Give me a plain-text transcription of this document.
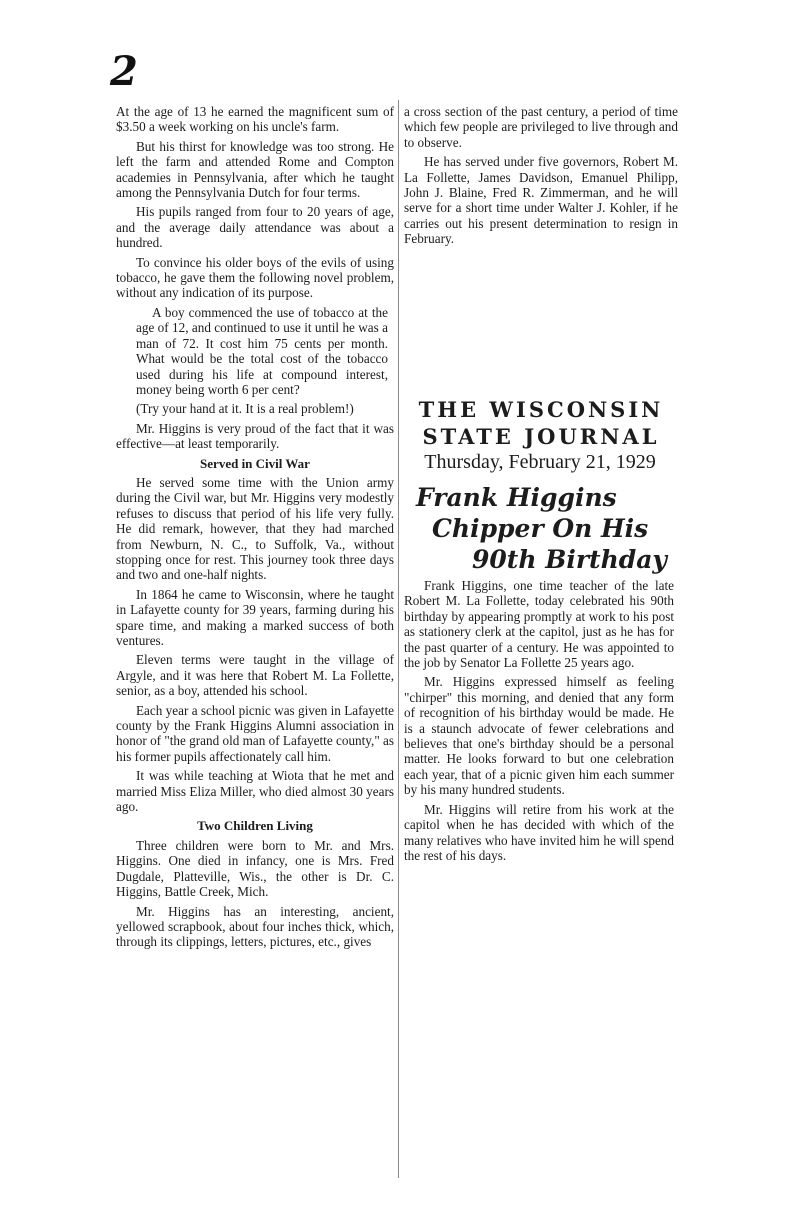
2

At the age of 13 he earned the magnificent sum of $3.50 a week working on his uncle's farm.

But his thirst for knowledge was too strong. He left the farm and attended Rome and Compton academies in Pennsylvania, after which he taught among the Pennsylvania Dutch for four terms.

His pupils ranged from four to 20 years of age, and the average daily attendance was about a hundred.

To convince his older boys of the evils of using tobacco, he gave them the following novel problem, without any indication of its purpose.

A boy commenced the use of tobacco at the age of 12, and continued to use it until he was a man of 72. It cost him 75 cents per month. What would be the total cost of the tobacco used during his life at compound interest, money being worth 6 per cent?

(Try your hand at it. It is a real problem!)

Mr. Higgins is very proud of the fact that it was effective—at least temporarily.

Served in Civil War

He served some time with the Union army during the Civil war, but Mr. Higgins very modestly refuses to discuss that period of his life very fully. He did remark, however, that they had marched from Newburn, N. C., to Suffolk, Va., without stopping once for rest. This journey took three days and two and one-half nights.

In 1864 he came to Wisconsin, where he taught in Lafayette county for 39 years, farming during his spare time, and making a marked success of both ventures.

Eleven terms were taught in the village of Argyle, and it was here that Robert M. La Follette, senior, as a boy, attended his school.

Each year a school picnic was given in Lafayette county by the Frank Higgins Alumni association in honor of "the grand old man of Lafayette county," as his former pupils affectionately call him.

It was while teaching at Wiota that he met and married Miss Eliza Miller, who died almost 30 years ago.

Two Children Living

Three children were born to Mr. and Mrs. Higgins. One died in infancy, one is Mrs. Fred Dugdale, Platteville, Wis., the other is Dr. C. Higgins, Battle Creek, Mich.

Mr. Higgins has an interesting, ancient, yellowed scrapbook, about four inches thick, which, through its clippings, letters, pictures, etc., gives

a cross section of the past century, a period of time which few people are privileged to live through and to observe.

He has served under five governors, Robert M. La Follette, James Davidson, Emanuel Philipp, John J. Blaine, Fred R. Zimmerman, and he will serve for a short time under Walter J. Kohler, if he carries out his present determination to resign in February.

THE WISCONSIN
STATE JOURNAL
Thursday, February 21, 1929
Frank Higgins
Chipper On His
90th Birthday

Frank Higgins, one time teacher of the late Robert M. La Follette, today celebrated his 90th birthday by appearing promptly at work to his post as stationery clerk at the capitol, just as he has for the past quarter of a century. He was appointed to the job by Senator La Follette 25 years ago.

Mr. Higgins expressed himself as feeling "chirper" this morning, and denied that any form of recognition of his birthday would be made. He is a staunch advocate of fewer celebrations and believes that one's birthday should be a personal matter. He looks forward to but one celebration each year, that of a picnic given him each summer by his many hundred students.

Mr. Higgins will retire from his work at the capitol when he has decided with which of the many relatives who have invited him he will spend the rest of his days.
